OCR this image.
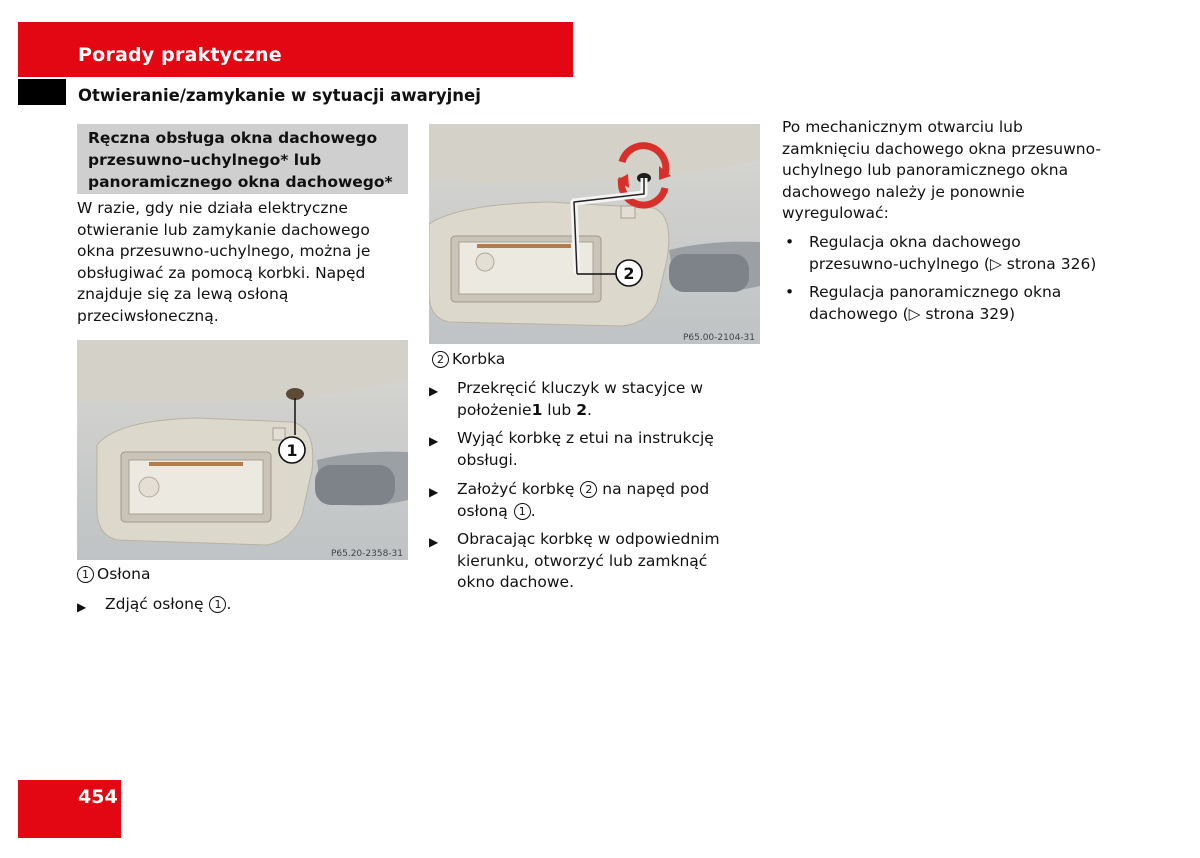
Porady praktyczne
Otwieranie/zamykanie w sytuacji awaryjnej
Ręczna obsługa okna dachowego
przesuwno–uchylnego* lub
panoramicznego okna dachowego*
W razie, gdy nie działa elektryczne
otwieranie lub zamykanie dachowego
okna przesuwno-uchylnego, można je
obsługiwać za pomocą korbki. Napęd
znajduje się za lewą osłoną
przeciwsłoneczną.
1
P65.20-2358-31
1 Osłona
▶ Zdjąć osłonę 1 .
2
P65.00-2104-31
2 Korbka
▶ Przekręcić kluczyk w stacyjce w
położenie1 lub 2.
▶ Wyjąć korbkę z etui na instrukcję
obsługi.
▶ Założyć korbkę 2 na napęd pod
osłoną 1 .
▶ Obracając korbkę w odpowiednim
kierunku, otworzyć lub zamknąć
okno dachowe.
Po mechanicznym otwarciu lub
zamknięciu dachowego okna przesuwno-
uchylnego lub panoramicznego okna
dachowego należy je ponownie
wyregulować:
• Regulacja okna dachowego
przesuwno-uchylnego (▷ strona 326)
• Regulacja panoramicznego okna
dachowego (▷ strona 329)
454
